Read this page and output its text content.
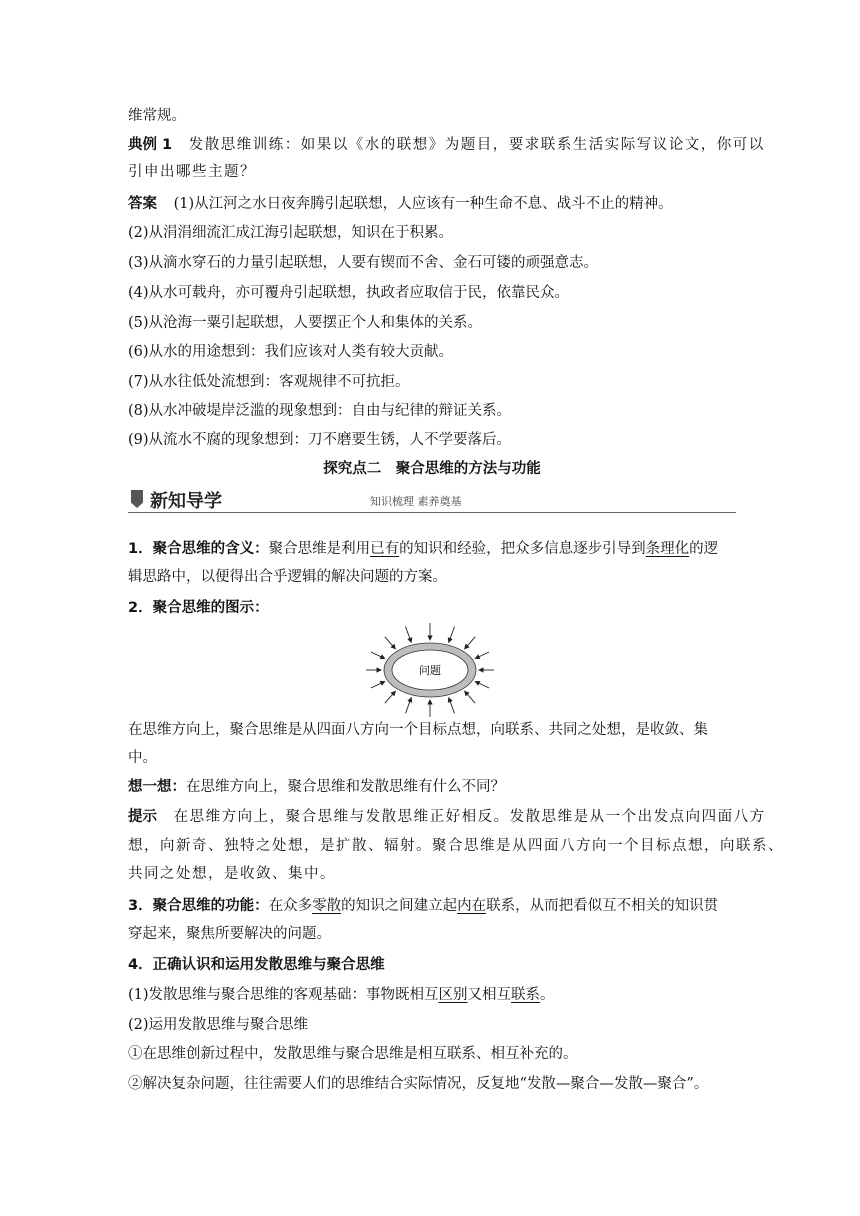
维常规。
典例 1 发散思维训练：如果以《水的联想》为题目，要求联系生活实际写议论文，你可以
引申出哪些主题？
答案 (1)从江河之水日夜奔腾引起联想，人应该有一种生命不息、战斗不止的精神。
(2)从涓涓细流汇成江海引起联想，知识在于积累。
(3)从滴水穿石的力量引起联想，人要有锲而不舍、金石可镂的顽强意志。
(4)从水可载舟，亦可覆舟引起联想，执政者应取信于民，依靠民众。
(5)从沧海一粟引起联想，人要摆正个人和集体的关系。
(6)从水的用途想到：我们应该对人类有较大贡献。
(7)从水往低处流想到：客观规律不可抗拒。
(8)从水冲破堤岸泛滥的现象想到：自由与纪律的辩证关系。
(9)从流水不腐的现象想到：刀不磨要生锈，人不学要落后。
探究点二　聚合思维的方法与功能
新知导学	知识梳理 素养奠基
1．聚合思维的含义：聚合思维是利用已有的知识和经验，把众多信息逐步引导到条理化的逻
辑思路中，以便得出合乎逻辑的解决问题的方案。
2．聚合思维的图示：
问题
在思维方向上，聚合思维是从四面八方向一个目标点想，向联系、共同之处想，是收敛、集
中。
想一想：在思维方向上，聚合思维和发散思维有什么不同？
提示 在思维方向上，聚合思维与发散思维正好相反。发散思维是从一个出发点向四面八方
想，向新奇、独特之处想，是扩散、辐射。聚合思维是从四面八方向一个目标点想，向联系、
共同之处想，是收敛、集中。
3．聚合思维的功能：在众多零散的知识之间建立起内在联系，从而把看似互不相关的知识贯
穿起来，聚焦所要解决的问题。
4．正确认识和运用发散思维与聚合思维
(1)发散思维与聚合思维的客观基础：事物既相互区别又相互联系。
(2)运用发散思维与聚合思维
①在思维创新过程中，发散思维与聚合思维是相互联系、相互补充的。
②解决复杂问题，往往需要人们的思维结合实际情况，反复地“发散—聚合—发散—聚合”。
